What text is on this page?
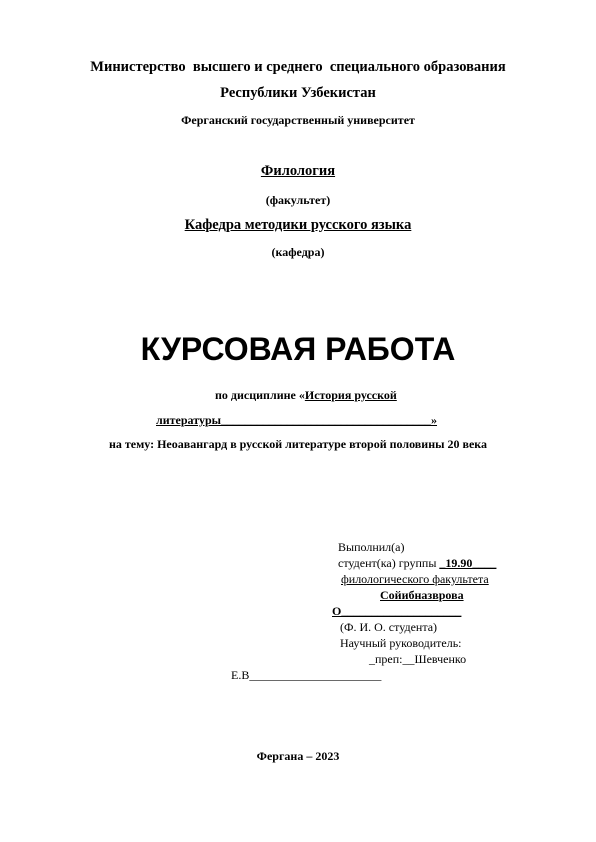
Министерство  высшего и среднего  специального образования
Республики Узбекистан
Ферганский государственный университет
Филология
(факультет)
Кафедра методики русского языка
(кафедра)
КУРСОВАЯ РАБОТА
по дисциплине «История русской
литературы___________________________________»
на тему: Неоавангард в русской литературе второй половины 20 века
Выполнил(а)
студент(ка) группы _19.90____
филологического факультета
Сойибназврова
О____________________
(Ф. И. О. студента)
Научный руководитель:
_преп:__Шевченко
Е.В______________________
Фергана – 2023
